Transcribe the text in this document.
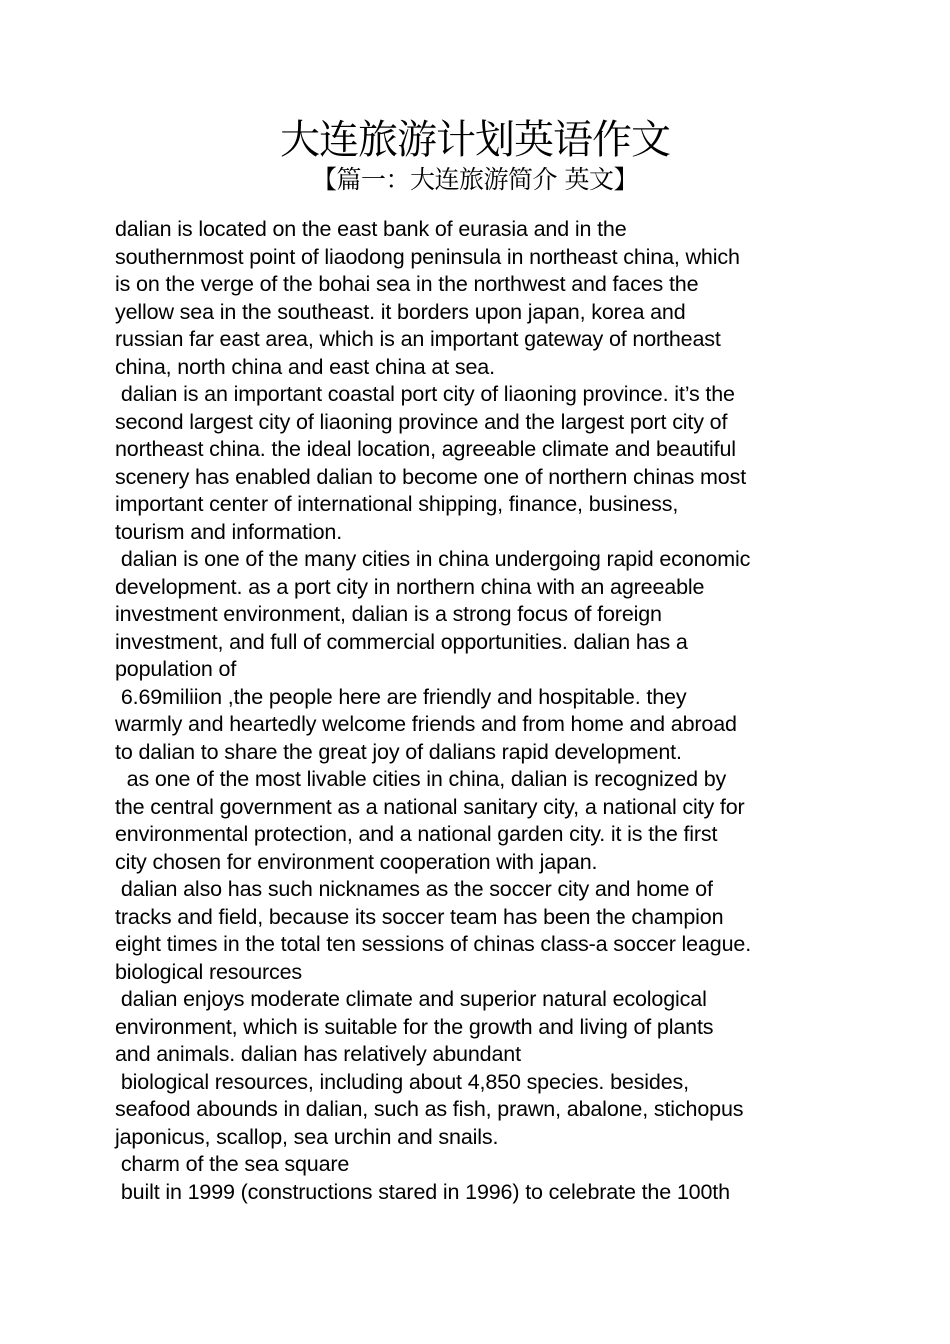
大连旅游计划英语作文
【篇一：大连旅游简介 英文】
dalian is located on the east bank of eurasia and in the
southernmost point of liaodong peninsula in northeast china, which
is on the verge of the bohai sea in the northwest and faces the
yellow sea in the southeast. it borders upon japan, korea and
russian far east area, which is an important gateway of northeast
china, north china and east china at sea.
dalian is an important coastal port city of liaoning province. it’s the
second largest city of liaoning province and the largest port city of
northeast china. the ideal location, agreeable climate and beautiful
scenery has enabled dalian to become one of northern chinas most
important center of international shipping, finance, business,
tourism and information.
dalian is one of the many cities in china undergoing rapid economic
development. as a port city in northern china with an agreeable
investment environment, dalian is a strong focus of foreign
investment, and full of commercial opportunities. dalian has a
population of
6.69miliion ,the people here are friendly and hospitable. they
warmly and heartedly welcome friends and from home and abroad
to dalian to share the great joy of dalians rapid development.
as one of the most livable cities in china, dalian is recognized by
the central government as a national sanitary city, a national city for
environmental protection, and a national garden city. it is the first
city chosen for environment cooperation with japan.
dalian also has such nicknames as the soccer city and home of
tracks and field, because its soccer team has been the champion
eight times in the total ten sessions of chinas class-a soccer league.
biological resources
dalian enjoys moderate climate and superior natural ecological
environment, which is suitable for the growth and living of plants
and animals. dalian has relatively abundant
biological resources, including about 4,850 species. besides,
seafood abounds in dalian, such as fish, prawn, abalone, stichopus
japonicus, scallop, sea urchin and snails.
charm of the sea square
built in 1999 (constructions stared in 1996) to celebrate the 100th
